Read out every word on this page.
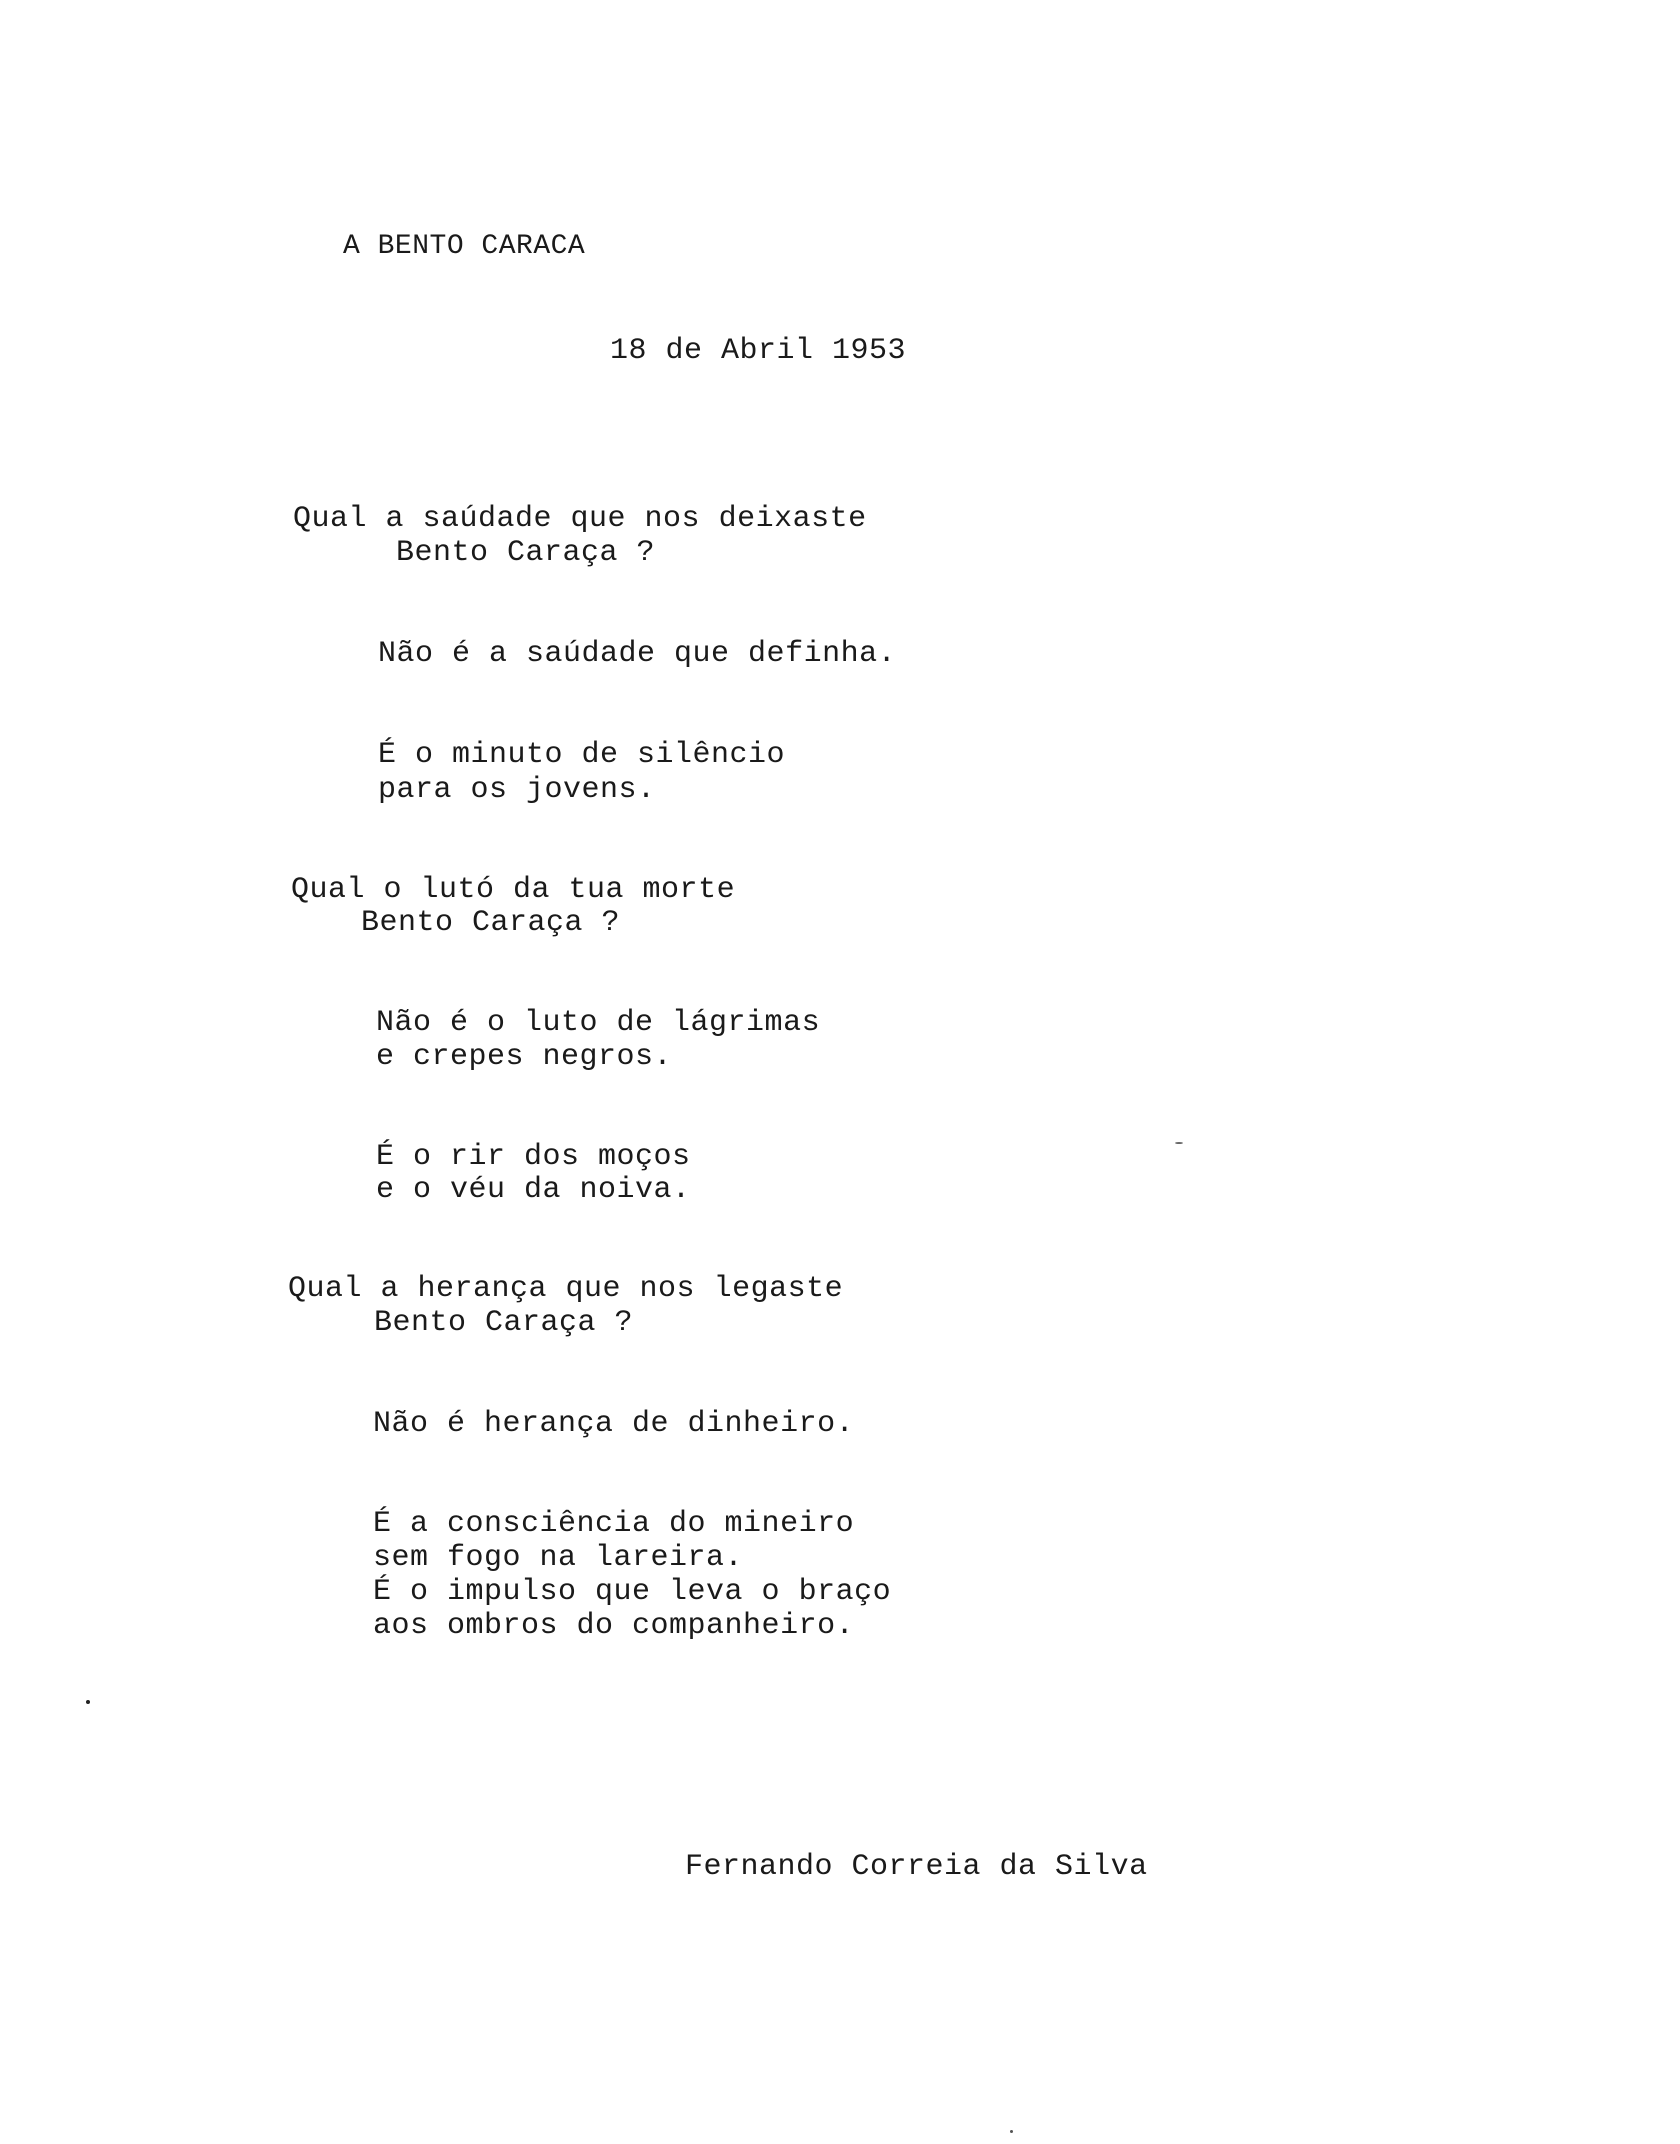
A BENTO CARACA
18 de Abril 1953
Qual a saúdade que nos deixaste
Bento Caraça ?
Não é a saúdade que definha.
É o minuto de silêncio
para os jovens.
Qual o lutó da tua morte
Bento Caraça ?
Não é o luto de lágrimas
e crepes negros.
É o rir dos moços
e o véu da noiva.
Qual a herança que nos legaste
Bento Caraça ?
Não é herança de dinheiro.
É a consciência do mineiro
sem fogo na lareira.
É o impulso que leva o braço
aos ombros do companheiro.
Fernando Correia da Silva
